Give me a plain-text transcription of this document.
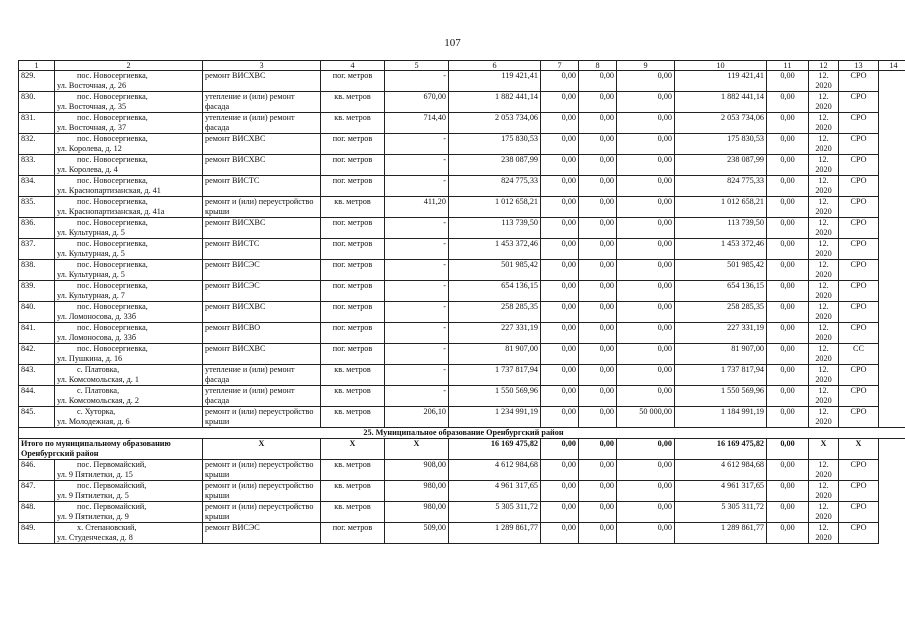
107
1	2	3	4	5	6	7	8	9	10	11	12	13	14
829.	пос. Новосергиевка,
ул. Восточная, д. 26	ремонт ВИСХВС	пог. метров	-	119 421,41	0,00	0,00	0,00	119 421,41	0,00	12.
2020	СРО	
830.	пос. Новосергиевка,
ул. Восточная, д. 35	утепление и (или) ремонт фасада	кв. метров	670,00	1 882 441,14	0,00	0,00	0,00	1 882 441,14	0,00	12.
2020	СРО	
831.	пос. Новосергиевка,
ул. Восточная, д. 37	утепление и (или) ремонт фасада	кв. метров	714,40	2 053 734,06	0,00	0,00	0,00	2 053 734,06	0,00	12.
2020	СРО	
832.	пос. Новосергиевка,
ул. Королева, д. 12	ремонт ВИСХВС	пог. метров	-	175 830,53	0,00	0,00	0,00	175 830,53	0,00	12.
2020	СРО	
833.	пос. Новосергиевка,
ул. Королева, д. 4	ремонт ВИСХВС	пог. метров	-	238 087,99	0,00	0,00	0,00	238 087,99	0,00	12.
2020	СРО	
834.	пос. Новосергиевка,
ул. Краснопартизанская, д. 41	ремонт ВИСТС	пог. метров	-	824 775,33	0,00	0,00	0,00	824 775,33	0,00	12.
2020	СРО	
835.	пос. Новосергиевка,
ул. Краснопартизанская, д. 41а	ремонт и (или) переустройство крыши	кв. метров	411,20	1 012 658,21	0,00	0,00	0,00	1 012 658,21	0,00	12.
2020	СРО	
836.	пос. Новосергиевка,
ул. Культурная, д. 5	ремонт ВИСХВС	пог. метров	-	113 739,50	0,00	0,00	0,00	113 739,50	0,00	12.
2020	СРО	
837.	пос. Новосергиевка,
ул. Культурная, д. 5	ремонт ВИСТС	пог. метров	-	1 453 372,46	0,00	0,00	0,00	1 453 372,46	0,00	12.
2020	СРО	
838.	пос. Новосергиевка,
ул. Культурная, д. 5	ремонт ВИСЭС	пог. метров	-	501 985,42	0,00	0,00	0,00	501 985,42	0,00	12.
2020	СРО	
839.	пос. Новосергиевка,
ул. Культурная, д. 7	ремонт ВИСЭС	пог. метров	-	654 136,15	0,00	0,00	0,00	654 136,15	0,00	12.
2020	СРО	
840.	пос. Новосергиевка,
ул. Ломоносова, д. 33б	ремонт ВИСХВС	пог. метров	-	258 285,35	0,00	0,00	0,00	258 285,35	0,00	12.
2020	СРО	
841.	пос. Новосергиевка,
ул. Ломоносова, д. 33б	ремонт ВИСВО	пог. метров	-	227 331,19	0,00	0,00	0,00	227 331,19	0,00	12.
2020	СРО	
842.	пос. Новосергиевка,
ул. Пушкина, д. 16	ремонт ВИСХВС	пог. метров	-	81 907,00	0,00	0,00	0,00	81 907,00	0,00	12.
2020	СС	
843.	с. Платовка,
ул. Комсомольская, д. 1	утепление и (или) ремонт фасада	кв. метров	-	1 737 817,94	0,00	0,00	0,00	1 737 817,94	0,00	12.
2020	СРО	
844.	с. Платовка,
ул. Комсомольская, д. 2	утепление и (или) ремонт фасада	кв. метров	-	1 550 569,96	0,00	0,00	0,00	1 550 569,96	0,00	12.
2020	СРО	
845.	с. Хуторка,
ул. Молодежная, д. 6	ремонт и (или) переустройство крыши	кв. метров	206,10	1 234 991,19	0,00	0,00	50 000,00	1 184 991,19	0,00	12.
2020	СРО	
25. Муниципальное образование Оренбургский район													
Итого по муниципальному образованию Оренбургский район		X	X	X	16 169 475,82	0,00	0,00	0,00	16 169 475,82	0,00	X	X	
846.	пос. Первомайский,
ул. 9 Пятилетки, д. 15	ремонт и (или) переустройство крыши	кв. метров	908,00	4 612 984,68	0,00	0,00	0,00	4 612 984,68	0,00	12.
2020	СРО	
847.	пос. Первомайский,
ул. 9 Пятилетки, д. 5	ремонт и (или) переустройство крыши	кв. метров	980,00	4 961 317,65	0,00	0,00	0,00	4 961 317,65	0,00	12.
2020	СРО	
848.	пос. Первомайский,
ул. 9 Пятилетки, д. 9	ремонт и (или) переустройство крыши	кв. метров	980,00	5 305 311,72	0,00	0,00	0,00	5 305 311,72	0,00	12.
2020	СРО	
849.	х. Степановский,
ул. Студенческая, д. 8	ремонт ВИСЭС	пог. метров	509,00	1 289 861,77	0,00	0,00	0,00	1 289 861,77	0,00	12.
2020	СРО	
